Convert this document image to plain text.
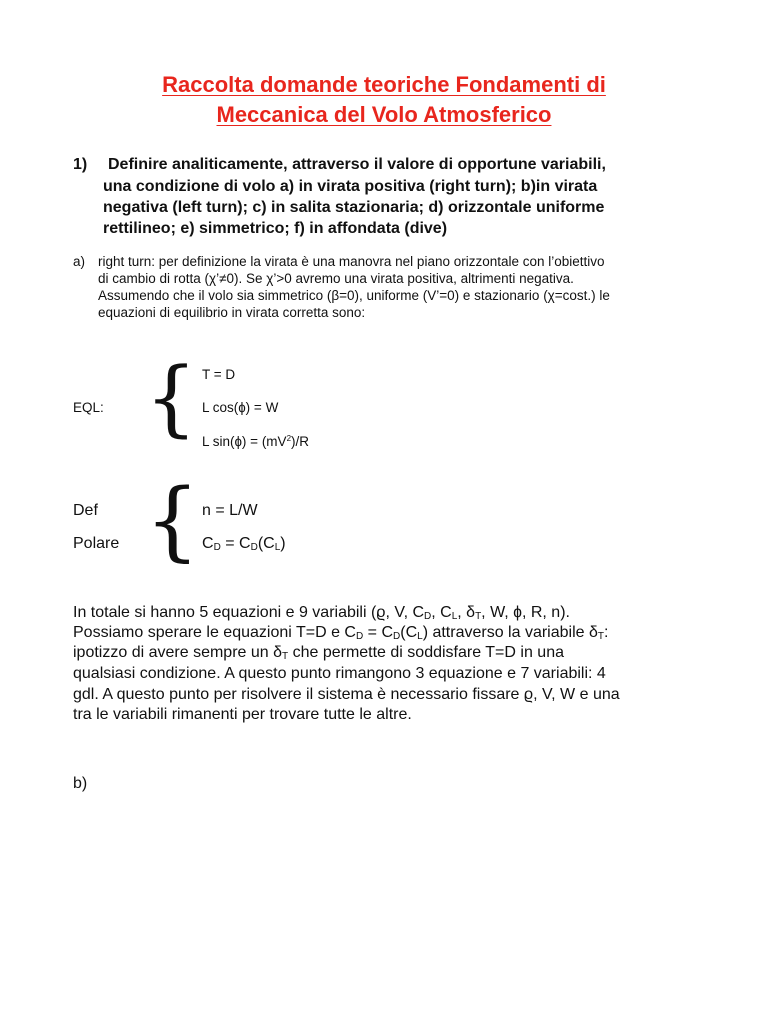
Raccolta domande teoriche Fondamenti di
Meccanica del Volo Atmosferico
1) Definire analiticamente, attraverso il valore di opportune variabili,
una condizione di volo a) in virata positiva (right turn); b)in virata
negativa (left turn); c) in salita stazionaria; d) orizzontale uniforme
rettilineo; e) simmetrico; f) in affondata (dive)
a) right turn: per definizione la virata è una manovra nel piano orizzontale con l’obiettivo
di cambio di rotta (χ’≠0). Se χ’>0 avremo una virata positiva, altrimenti negativa.
Assumendo che il volo sia simmetrico (β=0), uniforme (V’=0) e stazionario (χ=cost.) le
equazioni di equilibrio in virata corretta sono:
EQL: { T = D
L cos(ɸ) = W
L sin(ɸ) = $(mV^2)/R$
Def
Polare { n = L/W
$C_D = C_D(C_L)$
In totale si hanno 5 equazioni e 9 variabili (ϱ, V, $C_D$, $C_L$, $\delta_T$, W, ɸ, R, n).
Possiamo sperare le equazioni T=D e $C_D = C_D(C_L)$ attraverso la variabile $\delta_T$:
ipotizzo di avere sempre un $\delta_T$ che permette di soddisfare T=D in una
qualsiasi condizione. A questo punto rimangono 3 equazione e 7 variabili: 4
gdl. A questo punto per risolvere il sistema è necessario fissare ϱ, V, W e una
tra le variabili rimanenti per trovare tutte le altre.
b)
